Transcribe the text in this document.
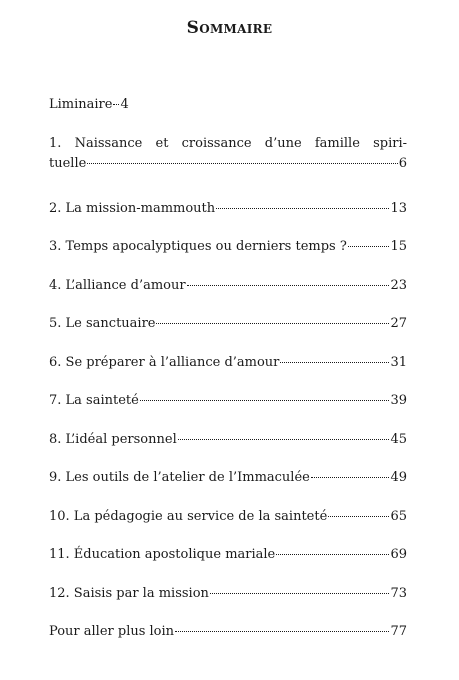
Sommaire
Liminaire 4
1. Naissance et croissance d’une famille spiri-
tuelle	6
2. La mission-mammouth	13
3. Temps apocalyptiques ou derniers temps ?	15
4. L’alliance d’amour	23
5. Le sanctuaire	27
6. Se préparer à l’alliance d’amour	31
7. La sainteté	39
8. L’idéal personnel	45
9. Les outils de l’atelier de l’Immaculée	49
10. La pédagogie au service de la sainteté	65
11. Éducation apostolique mariale	69
12. Saisis par la mission	73
Pour aller plus loin	77
